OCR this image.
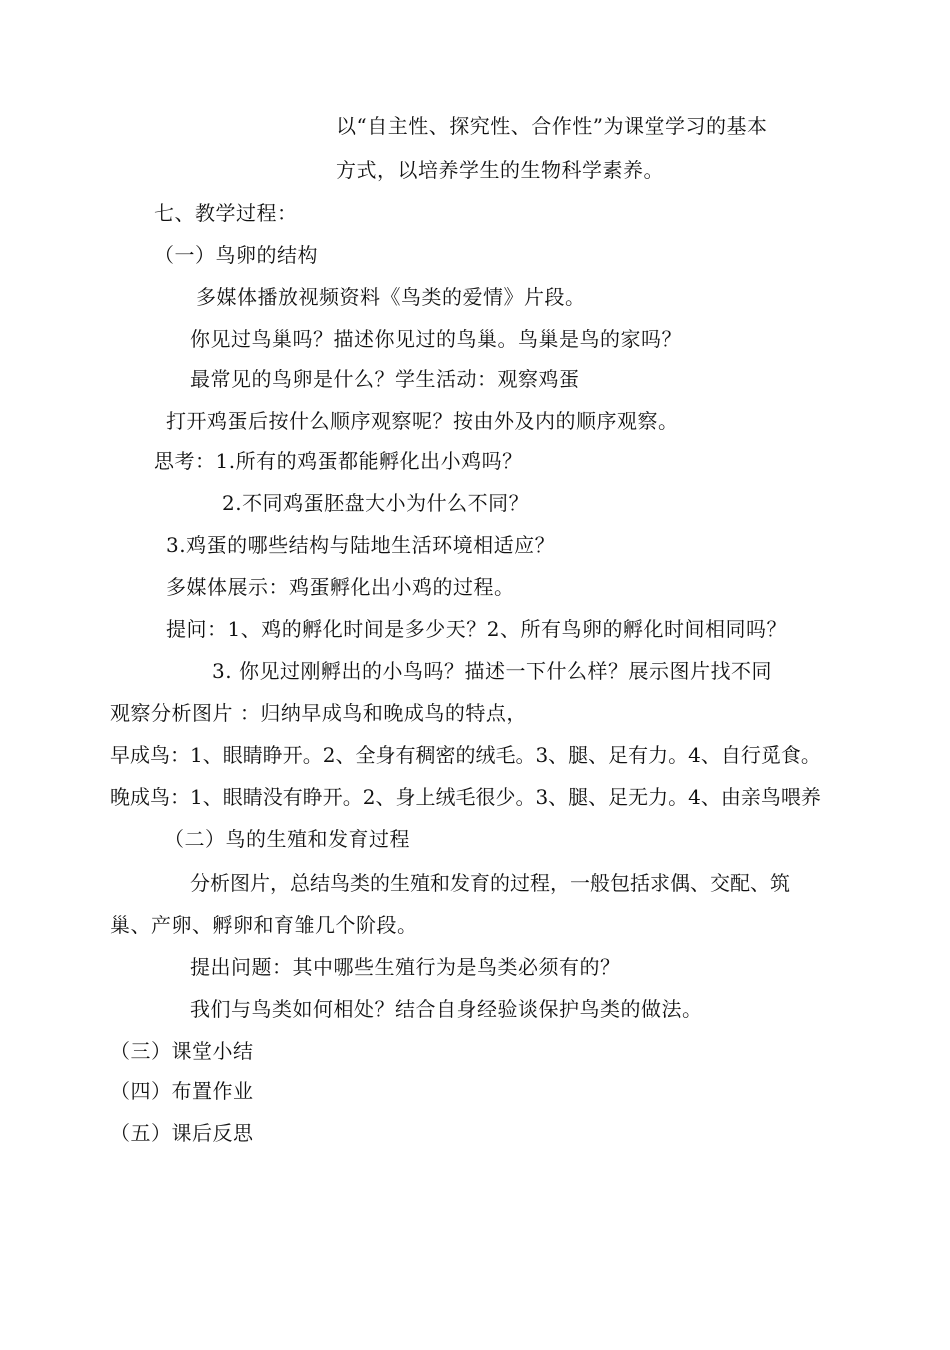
以“自主性、探究性、合作性”为课堂学习的基本
方式，以培养学生的生物科学素养。
七、教学过程：
（一）鸟卵的结构
多媒体播放视频资料《鸟类的爱情》片段。
你见过鸟巢吗？描述你见过的鸟巢。鸟巢是鸟的家吗？
最常见的鸟卵是什么？学生活动：观察鸡蛋
打开鸡蛋后按什么顺序观察呢？按由外及内的顺序观察。
思考：1.所有的鸡蛋都能孵化出小鸡吗？
2.不同鸡蛋胚盘大小为什么不同？
3.鸡蛋的哪些结构与陆地生活环境相适应？
多媒体展示：鸡蛋孵化出小鸡的过程。
提问：1、鸡的孵化时间是多少天？2、所有鸟卵的孵化时间相同吗？
3. 你见过刚孵出的小鸟吗？描述一下什么样？展示图片找不同
观察分析图片 ：归纳早成鸟和晚成鸟的特点，
早成鸟：1、眼睛睁开。2、全身有稠密的绒毛。3、腿、足有力。4、自行觅食。
晚成鸟：1、眼睛没有睁开。2、身上绒毛很少。3、腿、足无力。4、由亲鸟喂养
（二）鸟的生殖和发育过程
分析图片，总结鸟类的生殖和发育的过程，一般包括求偶、交配、筑
巢、产卵、孵卵和育雏几个阶段。
提出问题：其中哪些生殖行为是鸟类必须有的？
我们与鸟类如何相处？结合自身经验谈保护鸟类的做法。
（三）课堂小结
（四）布置作业
（五）课后反思
